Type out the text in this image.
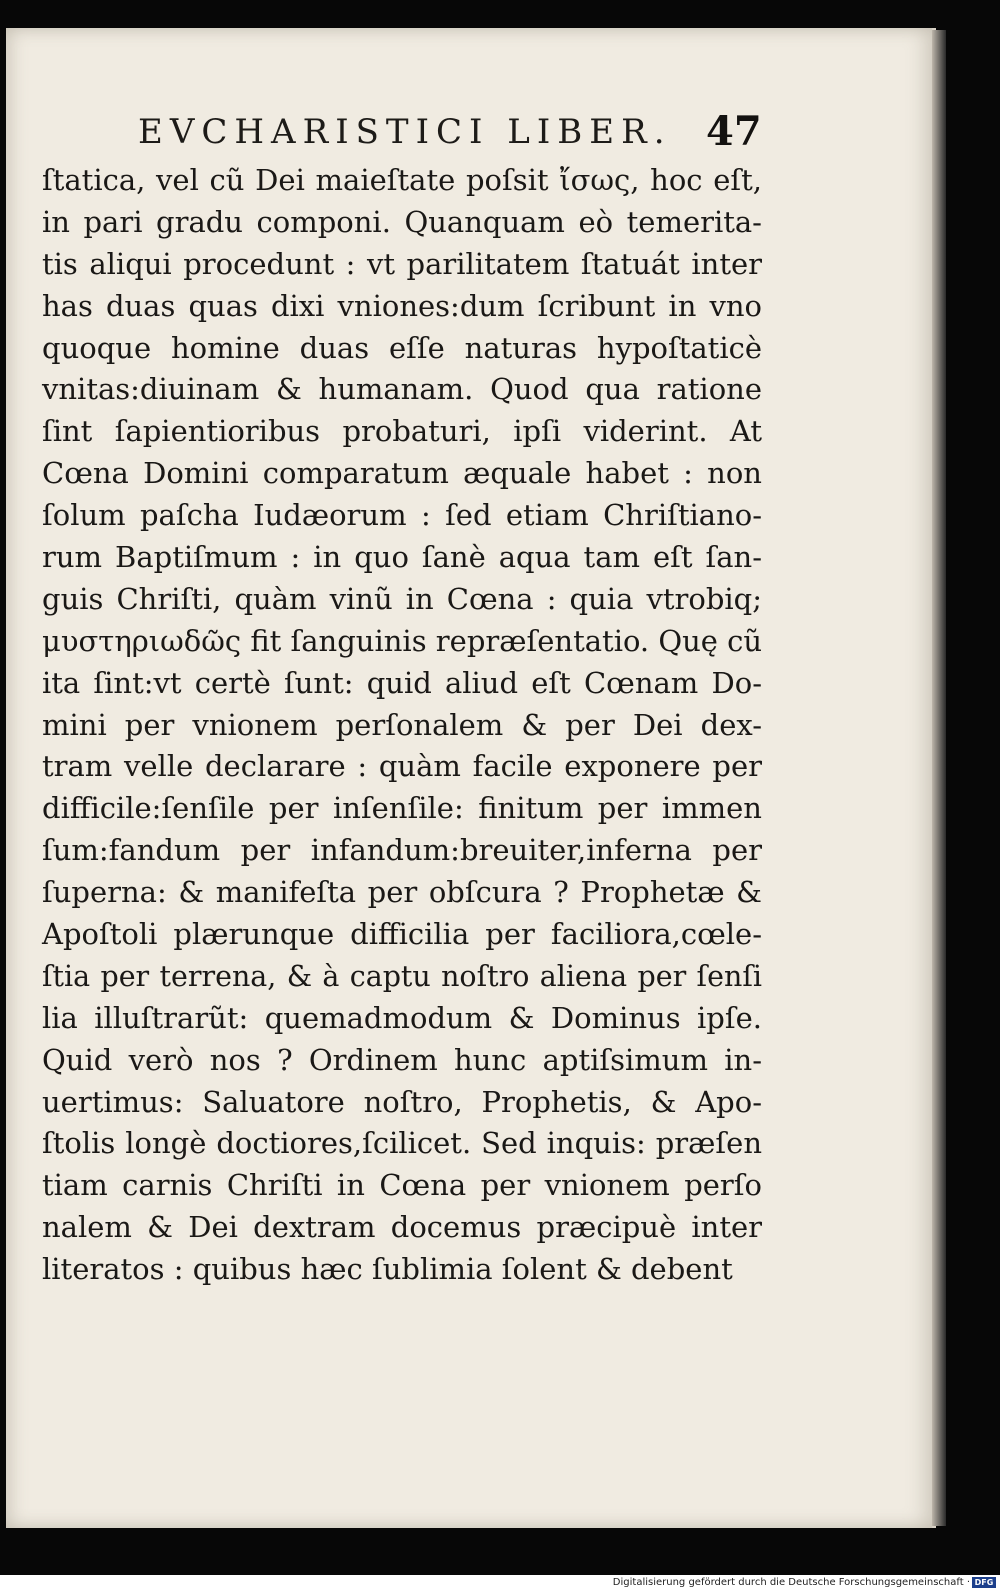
EVCHARISTICI LIBER. 47
ſtatica, vel cũ Dei maieſtate poſsit ἴσως, hoc eſt,
in pari gradu componi. Quanquam eò temerita-
tis aliqui procedunt : vt parilitatem ſtatuát inter
has duas quas dixi vniones:dum ſcribunt in vno
quoque homine duas eſſe naturas hypoſtaticè
vnitas:diuinam & humanam. Quod qua ratione
ſint ſapientioribus probaturi, ipſi viderint. At
Cœna Domini comparatum æquale habet : non
ſolum paſcha Iudæorum : ſed etiam Chriſtiano-
rum Baptiſmum : in quo ſanè aqua tam eſt ſan-
guis Chriſti, quàm vinũ in Cœna : quia vtrobiq;
μυστηριωδῶς fit ſanguinis repræſentatio. Quę cũ
ita ſint:vt certè ſunt: quid aliud eſt Cœnam Do-
mini per vnionem perſonalem & per Dei dex-
tram velle declarare : quàm facile exponere per
difficile:ſenſile per inſenſile: finitum per immen
ſum:fandum per infandum:breuiter,inferna per
ſuperna: & manifeſta per obſcura ? Prophetæ &
Apoſtoli plærunque difficilia per faciliora,cœle-
ſtia per terrena, & à captu noſtro aliena per ſenſi
lia illuſtrarũt: quemadmodum & Dominus ipſe.
Quid verò nos ? Ordinem hunc aptiſsimum in-
uertimus: Saluatore noſtro, Prophetis, & Apo-
ſtolis longè doctiores,ſcilicet. Sed inquis: præſen
tiam carnis Chriſti in Cœna per vnionem perſo
nalem & Dei dextram docemus præcipuè inter
literatos : quibus hæc ſublimia ſolent & debent
Digitalisierung gefördert durch die Deutsche Forschungsgemeinschaft · DFG
